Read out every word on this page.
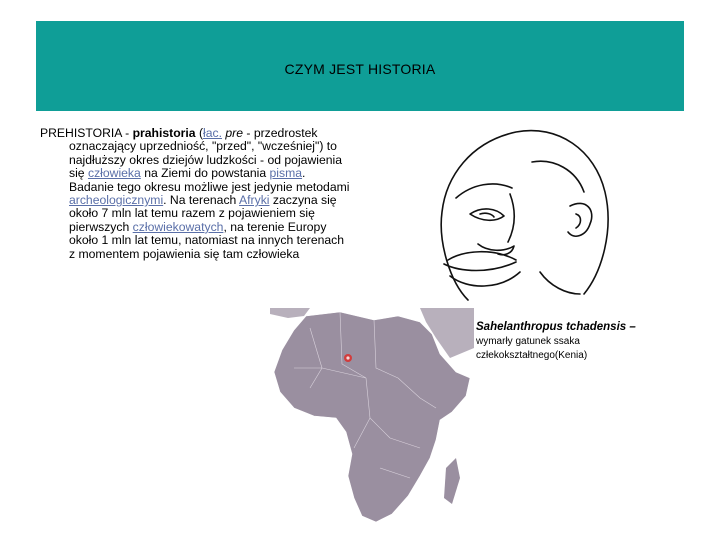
CZYM JEST HISTORIA

PREHISTORIA - prahistoria (łac. pre - przedrostek oznaczający uprzedniość, "przed", "wcześniej") to najdłuższy okres dziejów ludzkości - od pojawienia się człowieka na Ziemi do powstania pisma. Badanie tego okresu możliwe jest jedynie metodami archeologicznymi. Na terenach Afryki zaczyna się około 7 mln lat temu razem z pojawieniem się pierwszych człowiekowatych, na terenie Europy około 1 mln lat temu, natomiast na innych terenach z momentem pojawienia się tam człowieka

Sahelanthropus tchadensis –
wymarły gatunek ssaka człekokształtnego(Kenia)
